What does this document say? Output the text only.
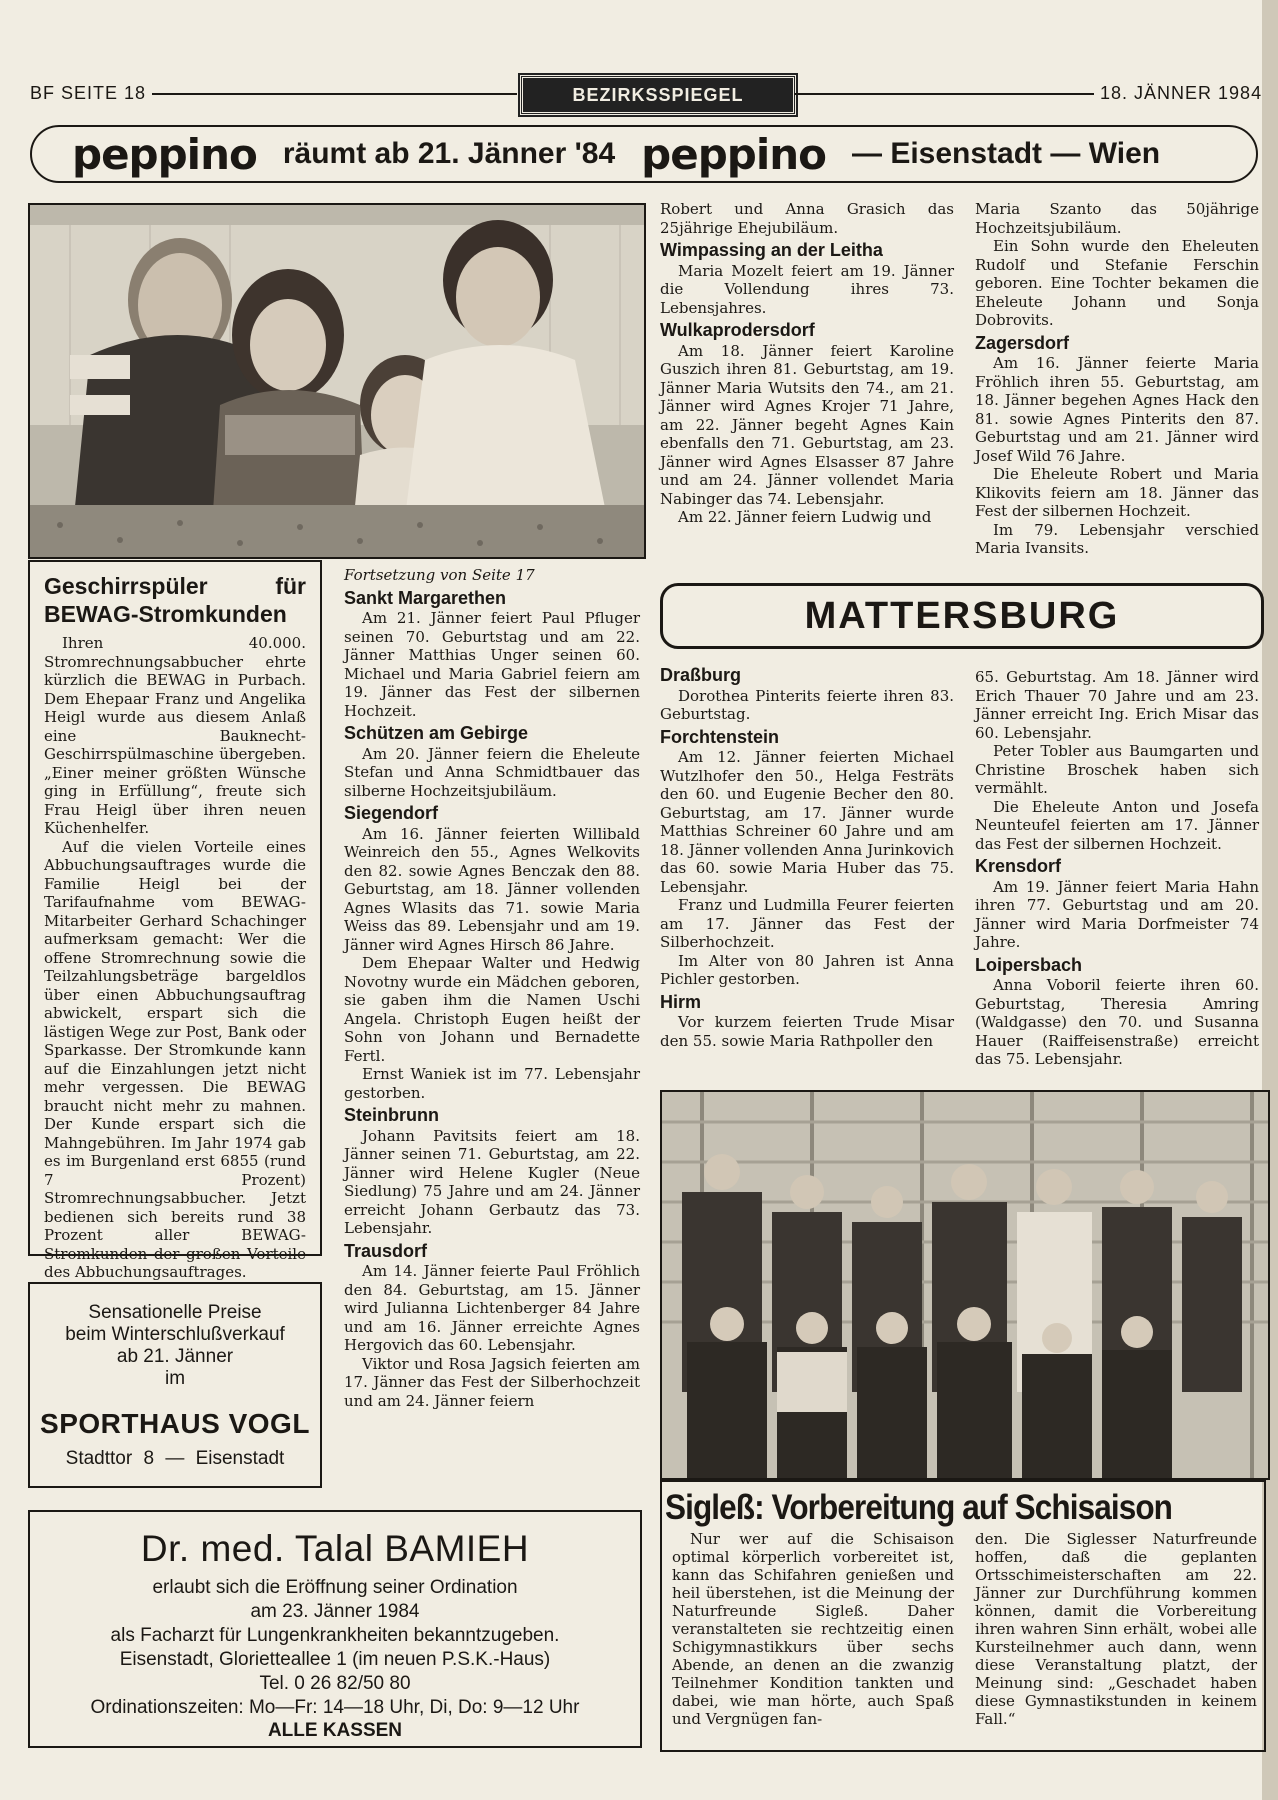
BF SEITE 18	BEZIRKSSPIEGEL	18. JÄNNER 1984
peppino räumt ab 21. Jänner '84 peppino — Eisenstadt — Wien
Geschirrspüler für BEWAG-Stromkunden

Ihren 40.000. Stromrechnungsabbucher ehrte kürzlich die BEWAG in Purbach. Dem Ehepaar Franz und Angelika Heigl wurde aus diesem Anlaß eine Bauknecht-Geschirrspülmaschine übergeben. „Einer meiner größten Wünsche ging in Erfüllung“, freute sich Frau Heigl über ihren neuen Küchenhelfer.

Auf die vielen Vorteile eines Abbuchungsauftrages wurde die Familie Heigl bei der Tarifaufnahme vom BEWAG-Mitarbeiter Gerhard Schachinger aufmerksam gemacht: Wer die offene Stromrechnung sowie die Teilzahlungsbeträge bargeldlos über einen Abbuchungsauftrag abwickelt, erspart sich die lästigen Wege zur Post, Bank oder Sparkasse. Der Stromkunde kann auf die Einzahlungen jetzt nicht mehr vergessen. Die BEWAG braucht nicht mehr zu mahnen. Der Kunde erspart sich die Mahngebühren. Im Jahr 1974 gab es im Burgenland erst 6855 (rund 7 Prozent) Stromrechnungsabbucher. Jetzt bedienen sich bereits rund 38 Prozent aller BEWAG-Stromkunden der großen Vorteile des Abbuchungsauftrages.

Sensationelle Preise
beim Winterschlußverkauf
ab 21. Jänner
im
SPORTHAUS VOGL
Stadttor 8 — Eisenstadt
Dr. med. Talal BAMIEH
erlaubt sich die Eröffnung seiner Ordination
am 23. Jänner 1984
als Facharzt für Lungenkrankheiten bekanntzugeben.
Eisenstadt, Glorietteallee 1 (im neuen P.S.K.-Haus)
Tel. 0 26 82/50 80
Ordinationszeiten: Mo—Fr: 14—18 Uhr, Di, Do: 9—12 Uhr
ALLE KASSEN

Fortsetzung von Seite 17

Sankt Margarethen

Am 21. Jänner feiert Paul Pfluger seinen 70. Geburtstag und am 22. Jänner Matthias Unger seinen 60. Michael und Maria Gabriel feiern am 19. Jänner das Fest der silbernen Hochzeit.

Schützen am Gebirge

Am 20. Jänner feiern die Eheleute Stefan und Anna Schmidtbauer das silberne Hochzeitsjubiläum.

Siegendorf

Am 16. Jänner feierten Willibald Weinreich den 55., Agnes Welkovits den 82. sowie Agnes Benczak den 88. Geburtstag, am 18. Jänner vollenden Agnes Wlasits das 71. sowie Maria Weiss das 89. Lebensjahr und am 19. Jänner wird Agnes Hirsch 86 Jahre.

Dem Ehepaar Walter und Hedwig Novotny wurde ein Mädchen geboren, sie gaben ihm die Namen Uschi Angela. Christoph Eugen heißt der Sohn von Johann und Bernadette Fertl.

Ernst Waniek ist im 77. Lebensjahr gestorben.

Steinbrunn

Johann Pavitsits feiert am 18. Jänner seinen 71. Geburtstag, am 22. Jänner wird Helene Kugler (Neue Siedlung) 75 Jahre und am 24. Jänner erreicht Johann Gerbautz das 73. Lebensjahr.

Trausdorf

Am 14. Jänner feierte Paul Fröhlich den 84. Geburtstag, am 15. Jänner wird Julianna Lichtenberger 84 Jahre und am 16. Jänner erreichte Agnes Hergovich das 60. Lebensjahr.

Viktor und Rosa Jagsich feierten am 17. Jänner das Fest der Silberhochzeit und am 24. Jänner feiern

Robert und Anna Grasich das 25jährige Ehejubiläum.

Wimpassing an der Leitha

Maria Mozelt feiert am 19. Jänner die Vollendung ihres 73. Lebensjahres.

Wulkaprodersdorf

Am 18. Jänner feiert Karoline Guszich ihren 81. Geburtstag, am 19. Jänner Maria Wutsits den 74., am 21. Jänner wird Agnes Krojer 71 Jahre, am 22. Jänner begeht Agnes Kain ebenfalls den 71. Geburtstag, am 23. Jänner wird Agnes Elsasser 87 Jahre und am 24. Jänner vollendet Maria Nabinger das 74. Lebensjahr.

Am 22. Jänner feiern Ludwig und

Maria Szanto das 50jährige Hochzeitsjubiläum.

Ein Sohn wurde den Eheleuten Rudolf und Stefanie Ferschin geboren. Eine Tochter bekamen die Eheleute Johann und Sonja Dobrovits.

Zagersdorf

Am 16. Jänner feierte Maria Fröhlich ihren 55. Geburtstag, am 18. Jänner begehen Agnes Hack den 81. sowie Agnes Pinterits den 87. Geburtstag und am 21. Jänner wird Josef Wild 76 Jahre.

Die Eheleute Robert und Maria Klikovits feiern am 18. Jänner das Fest der silbernen Hochzeit.

Im 79. Lebensjahr verschied Maria Ivansits.

MATTERSBURG
Draßburg

Dorothea Pinterits feierte ihren 83. Geburtstag.

Forchtenstein

Am 12. Jänner feierten Michael Wutzlhofer den 50., Helga Festräts den 60. und Eugenie Becher den 80. Geburtstag, am 17. Jänner wurde Matthias Schreiner 60 Jahre und am 18. Jänner vollenden Anna Jurinkovich das 60. sowie Maria Huber das 75. Lebensjahr.

Franz und Ludmilla Feurer feierten am 17. Jänner das Fest der Silberhochzeit.

Im Alter von 80 Jahren ist Anna Pichler gestorben.

Hirm

Vor kurzem feierten Trude Misar den 55. sowie Maria Rathpoller den

65. Geburtstag. Am 18. Jänner wird Erich Thauer 70 Jahre und am 23. Jänner erreicht Ing. Erich Misar das 60. Lebensjahr.

Peter Tobler aus Baumgarten und Christine Broschek haben sich vermählt.

Die Eheleute Anton und Josefa Neunteufel feierten am 17. Jänner das Fest der silbernen Hochzeit.

Krensdorf

Am 19. Jänner feiert Maria Hahn ihren 77. Geburtstag und am 20. Jänner wird Maria Dorfmeister 74 Jahre.

Loipersbach

Anna Voboril feierte ihren 60. Geburtstag, Theresia Amring (Waldgasse) den 70. und Susanna Hauer (Raiffeisenstraße) erreicht das 75. Lebensjahr.

Sigleß: Vorbereitung auf Schisaison

Nur wer auf die Schisaison optimal körperlich vorbereitet ist, kann das Schifahren genießen und heil überstehen, ist die Meinung der Naturfreunde Sigleß. Daher veranstalteten sie rechtzeitig einen Schigymnastikkurs über sechs Abende, an denen an die zwanzig Teilnehmer Kondition tankten und dabei, wie man hörte, auch Spaß und Vergnügen fan-

den. Die Siglesser Naturfreunde hoffen, daß die geplanten Ortsschimeisterschaften am 22. Jänner zur Durchführung kommen können, damit die Vorbereitung ihren wahren Sinn erhält, wobei alle Kursteilnehmer auch dann, wenn diese Veranstaltung platzt, der Meinung sind: „Geschadet haben diese Gymnastikstunden in keinem Fall.“
